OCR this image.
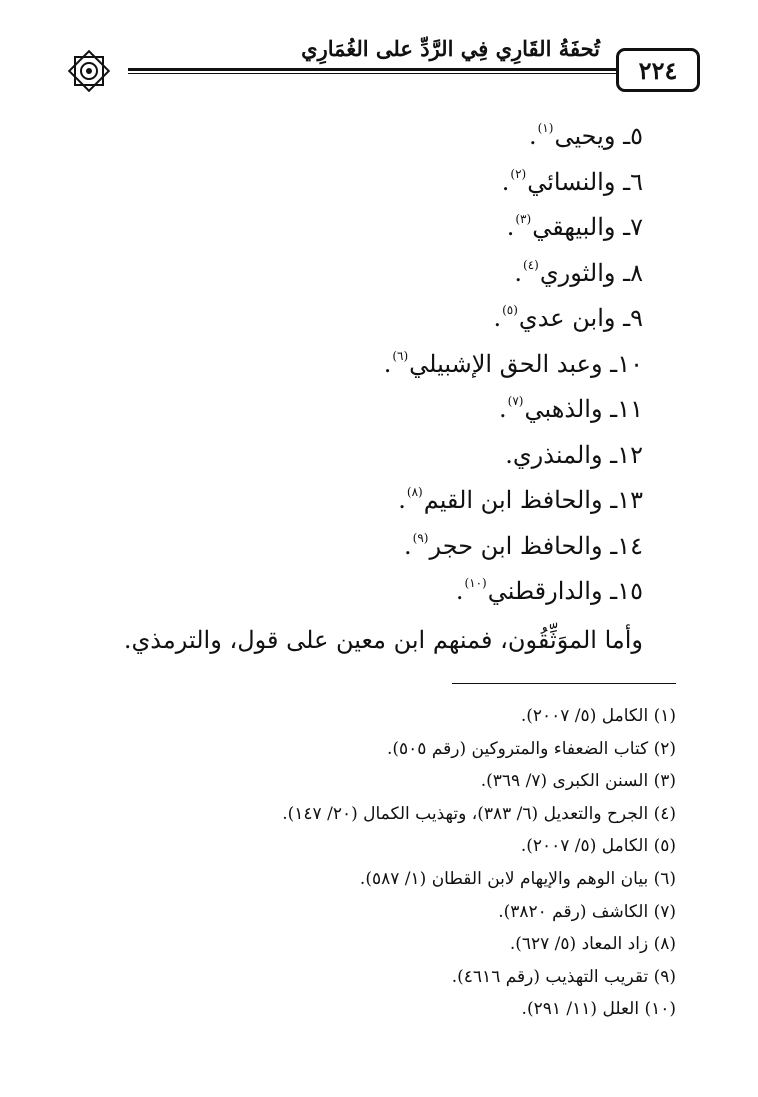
تُحفَةُ القَارِي فِي الرَّدِّ على الغُمَارِي
٢٢٤
٥ـ ويحيى$^{(١)}$.
٦ـ والنسائي$^{(٢)}$.
٧ـ والبيهقي$^{(٣)}$.
٨ـ والثوري$^{(٤)}$.
٩ـ وابن عدي$^{(٥)}$.
١٠ـ وعبد الحق الإشبيلي$^{(٦)}$.
١١ـ والذهبي$^{(٧)}$.
١٢ـ والمنذري.
١٣ـ والحافظ ابن القيم$^{(٨)}$.
١٤ـ والحافظ ابن حجر$^{(٩)}$.
١٥ـ والدارقطني$^{(١٠)}$.
وأما الموَثِّقُون، فمنهم ابن معين على قول، والترمذي.
(١) الكامل (٥/ ٢٠٠٧).
(٢) كتاب الضعفاء والمتروكين (رقم ٥٠٥).
(٣) السنن الكبرى (٧/ ٣٦٩).
(٤) الجرح والتعديل (٦/ ٣٨٣)، وتهذيب الكمال (٢٠/ ١٤٧).
(٥) الكامل (٥/ ٢٠٠٧).
(٦) بيان الوهم والإيهام لابن القطان (١/ ٥٨٧).
(٧) الكاشف (رقم ٣٨٢٠).
(٨) زاد المعاد (٥/ ٦٢٧).
(٩) تقريب التهذيب (رقم ٤٦١٦).
(١٠) العلل (١١/ ٢٩١).
